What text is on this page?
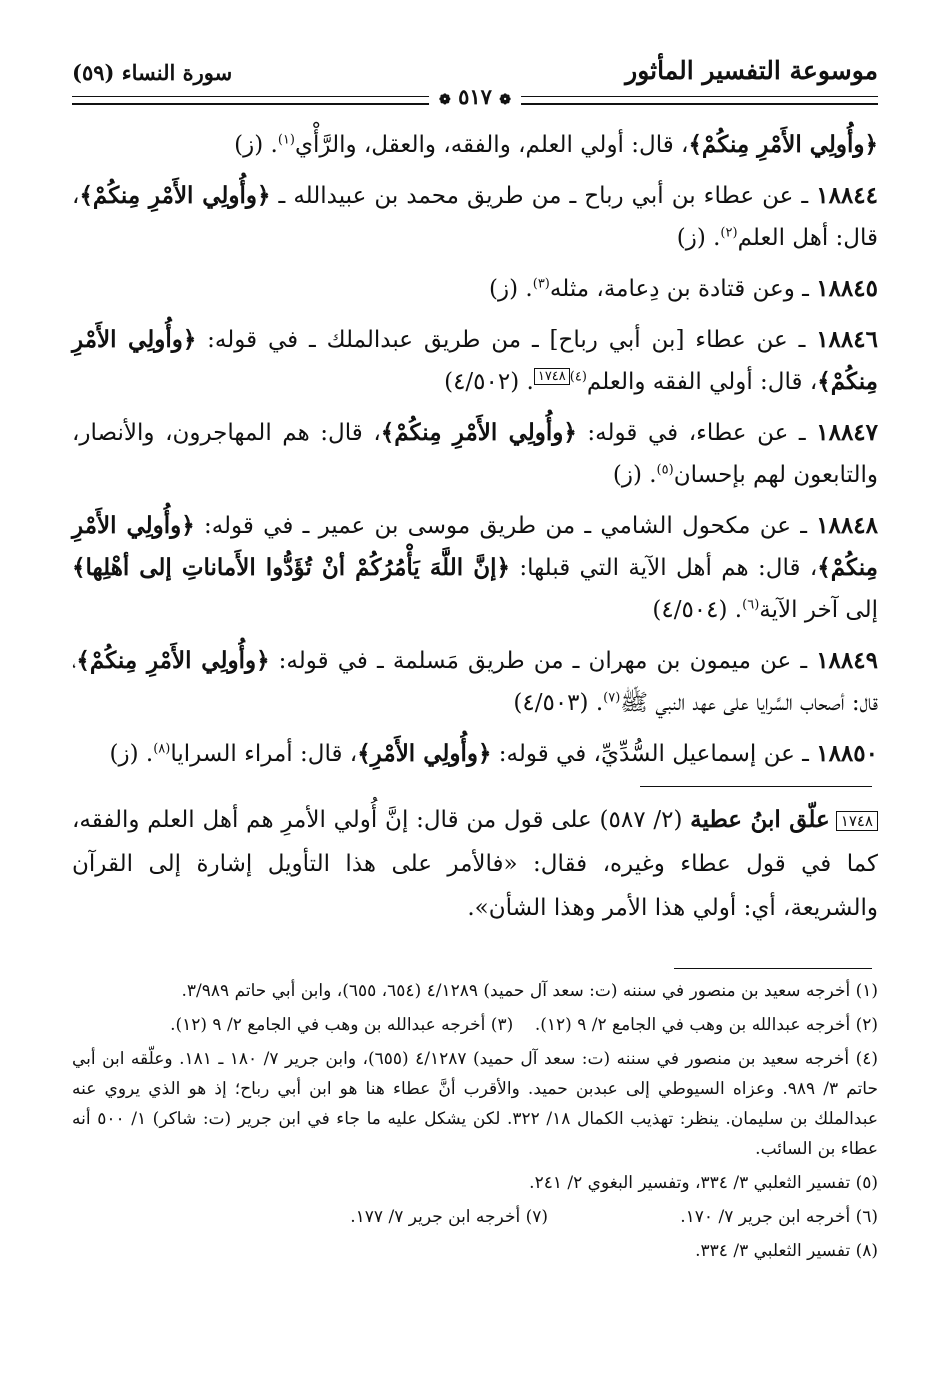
موسوعة التفسير المأثور
سورة النساء (٥٩)
❁ ٥١٧ ❁

﴿وأُولِي الأَمْرِ مِنكُمْ﴾، قال: أولي العلم، والفقه، والعقل، والرَّأْي$^{(١)}$. (ز)

١٨٨٤٤ ـ عن عطاء بن أبي رباح ـ من طريق محمد بن عبيدالله ـ ﴿وأُولِي الأَمْرِ مِنكُمْ﴾، قال: أهل العلم$^{(٢)}$. (ز)

١٨٨٤٥ ـ وعن قتادة بن دِعامة، مثله$^{(٣)}$. (ز)

١٨٨٤٦ ـ عن عطاء [بن أبي رباح] ـ من طريق عبدالملك ـ في قوله: ﴿وأُولِي الأَمْرِ مِنكُمْ﴾، قال: أولي الفقه والعلم$^{(٤)}$١٧٤٨. (٤/٥٠٢)

١٨٨٤٧ ـ عن عطاء، في قوله: ﴿وأُولِي الأَمْرِ مِنكُمْ﴾، قال: هم المهاجرون، والأنصار، والتابعون لهم بإحسان$^{(٥)}$. (ز)

١٨٨٤٨ ـ عن مكحول الشامي ـ من طريق موسى بن عمير ـ في قوله: ﴿وأُولِي الأَمْرِ مِنكُمْ﴾، قال: هم أهل الآية التي قبلها: ﴿إنَّ اللَّهَ يَأْمُرُكُمْ أنْ تُؤَدُّوا الأَماناتِ إلى أهْلِها﴾ إلى آخر الآية$^{(٦)}$. (٤/٥٠٤)

١٨٨٤٩ ـ عن ميمون بن مهران ـ من طريق مَسلمة ـ في قوله: ﴿وأُولِي الأَمْرِ مِنكُمْ﴾، قال: أصحاب السَّرايا على عهد النبي ﷺ$^{(٧)}$. (٤/٥٠٣)

١٨٨٥٠ ـ عن إسماعيل السُّدِّيِّ، في قوله: ﴿وأُولِي الأَمْرِ﴾، قال: أمراء السرايا$^{(٨)}$. (ز)

١٧٤٨علّق ابنُ عطية (٢/ ٥٨٧) على قول من قال: إنَّ أُولي الأمرِ هم أهل العلم والفقه، كما في قول عطاء وغيره، فقال: «فالأمر على هذا التأويل إشارة إلى القرآن والشريعة، أي: أولي هذا الأمر وهذا الشأن».

(١) أخرجه سعيد بن منصور في سننه (ت: سعد آل حميد) ٤/١٢٨٩ (٦٥٤، ٦٥٥)، وابن أبي حاتم ٣/٩٨٩.

(٢) أخرجه عبدالله بن وهب في الجامع ٢/ ٩ (١٢).    (٣) أخرجه عبدالله بن وهب في الجامع ٢/ ٩ (١٢).

(٤) أخرجه سعيد بن منصور في سننه (ت: سعد آل حميد) ٤/١٢٨٧ (٦٥٥)، وابن جرير ٧/ ١٨٠ ـ ١٨١. وعلّقه ابن أبي حاتم ٣/ ٩٨٩. وعزاه السيوطي إلى عبدبن حميد. والأقرب أنَّ عطاء هنا هو ابن أبي رباح؛ إذ هو الذي يروي عنه عبدالملك بن سليمان. ينظر: تهذيب الكمال ١٨/ ٣٢٢. لكن يشكل عليه ما جاء في ابن جرير (ت: شاكر) ١/ ٥٠٠ أنه عطاء بن السائب.

(٥) تفسير الثعلبي ٣/ ٣٣٤، وتفسير البغوي ٢/ ٢٤١.

(٦) أخرجه ابن جرير ٧/ ١٧٠.(٧) أخرجه ابن جرير ٧/ ١٧٧.

(٨) تفسير الثعلبي ٣/ ٣٣٤.
